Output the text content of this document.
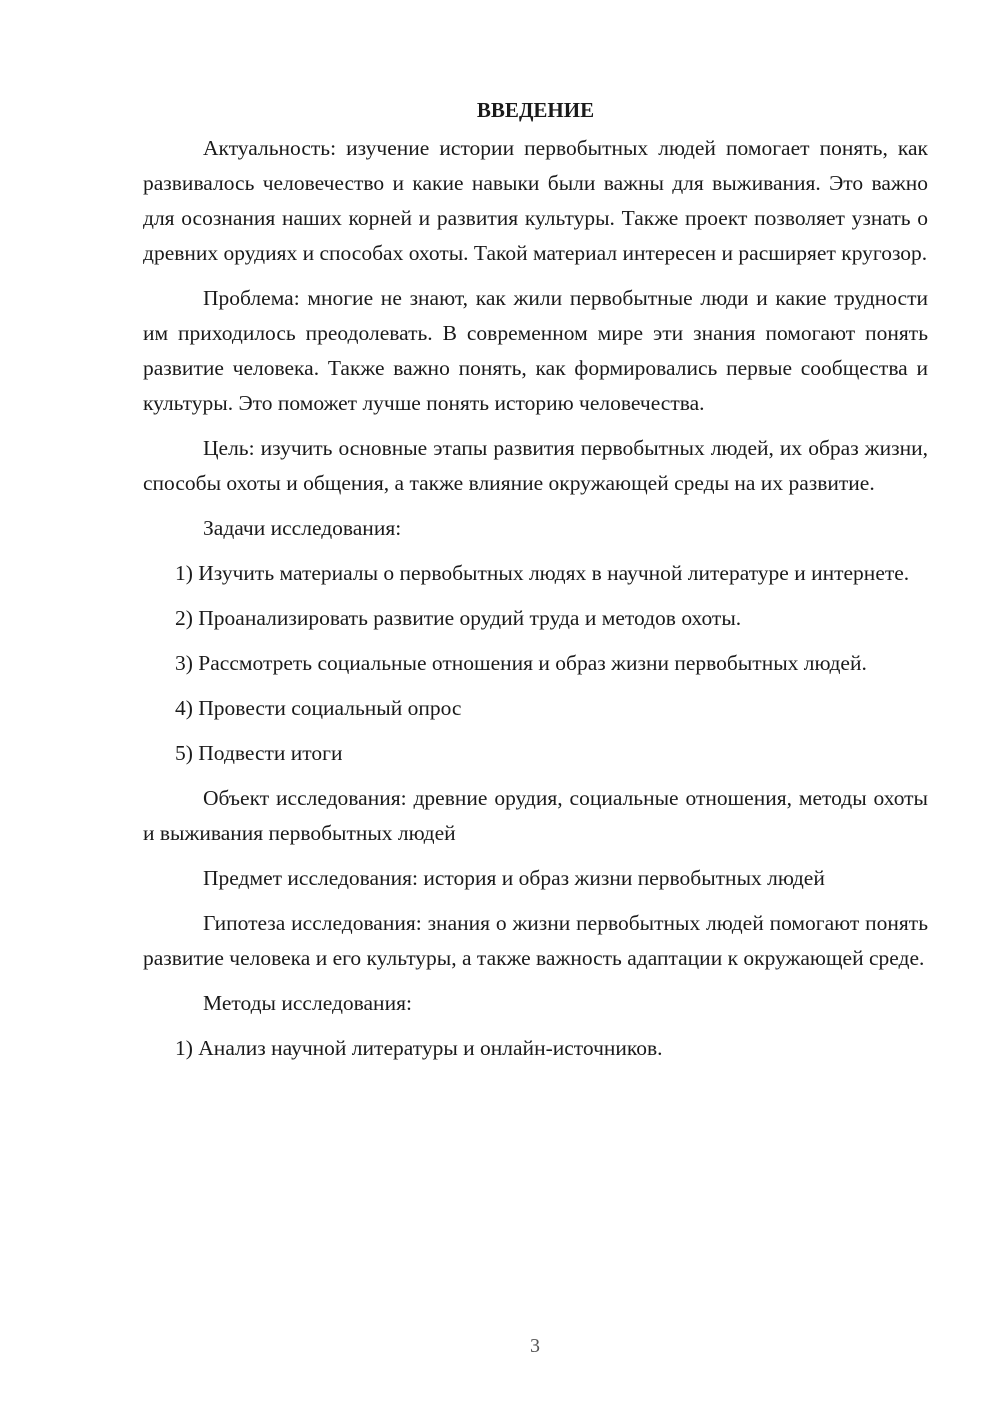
ВВЕДЕНИЕ

Актуальность: изучение истории первобытных людей помогает понять, как развивалось человечество и какие навыки были важны для выживания. Это важно для осознания наших корней и развития культуры. Также проект позволяет узнать о древних орудиях и способах охоты. Такой материал интересен и расширяет кругозор.

Проблема: многие не знают, как жили первобытные люди и какие трудности им приходилось преодолевать. В современном мире эти знания помогают понять развитие человека. Также важно понять, как формировались первые сообщества и культуры. Это поможет лучше понять историю человечества.

Цель: изучить основные этапы развития первобытных людей, их образ жизни, способы охоты и общения, а также влияние окружающей среды на их развитие.

Задачи исследования:

1) Изучить материалы о первобытных людях в научной литературе и интернете.

2) Проанализировать развитие орудий труда и методов охоты.

3) Рассмотреть социальные отношения и образ жизни первобытных людей.

4) Провести социальный опрос

5) Подвести итоги

Объект исследования: древние орудия, социальные отношения, методы охоты и выживания первобытных людей

Предмет исследования: история и образ жизни первобытных людей

Гипотеза исследования: знания о жизни первобытных людей помогают понять развитие человека и его культуры, а также важность адаптации к окружающей среде.

Методы исследования:

1) Анализ научной литературы и онлайн-источников.

3
